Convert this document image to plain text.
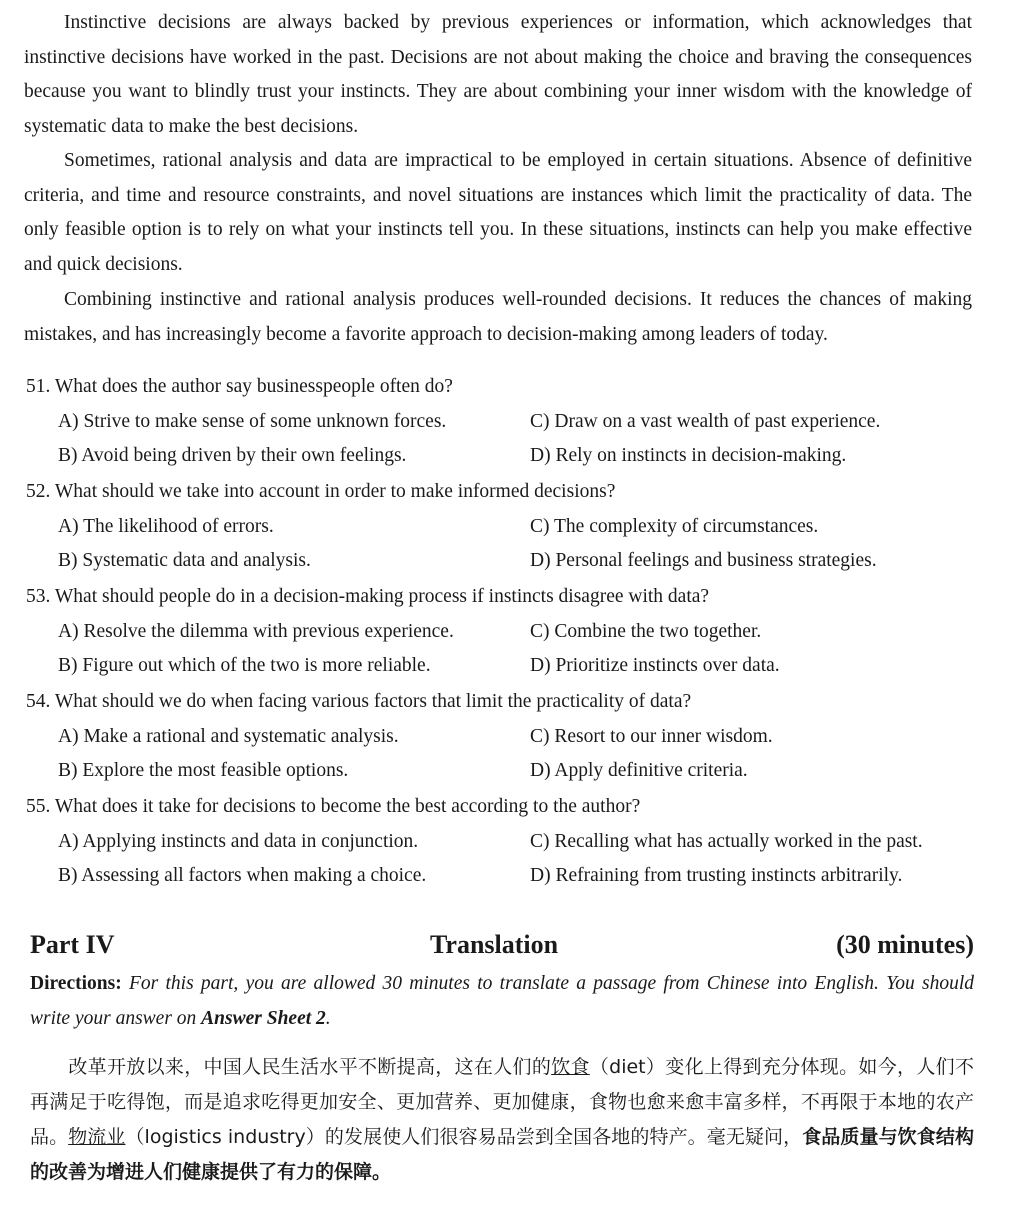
Instinctive decisions are always backed by previous experiences or information, which acknowledges that instinctive decisions have worked in the past. Decisions are not about making the choice and braving the consequences because you want to blindly trust your instincts. They are about combining your inner wisdom with the knowledge of systematic data to make the best decisions.

Sometimes, rational analysis and data are impractical to be employed in certain situations. Absence of definitive criteria, and time and resource constraints, and novel situations are instances which limit the practicality of data. The only feasible option is to rely on what your instincts tell you. In these situations, instincts can help you make effective and quick decisions.

Combining instinctive and rational analysis produces well-rounded decisions. It reduces the chances of making mistakes, and has increasingly become a favorite approach to decision-making among leaders of today.

51. What does the author say businesspeople often do?
A) Strive to make sense of some unknown forces.	C) Draw on a vast wealth of past experience.
B) Avoid being driven by their own feelings.	D) Rely on instincts in decision-making.
52. What should we take into account in order to make informed decisions?
A) The likelihood of errors.	C) The complexity of circumstances.
B) Systematic data and analysis.	D) Personal feelings and business strategies.
53. What should people do in a decision-making process if instincts disagree with data?
A) Resolve the dilemma with previous experience.	C) Combine the two together.
B) Figure out which of the two is more reliable.	D) Prioritize instincts over data.
54. What should we do when facing various factors that limit the practicality of data?
A) Make a rational and systematic analysis.	C) Resort to our inner wisdom.
B) Explore the most feasible options.	D) Apply definitive criteria.
55. What does it take for decisions to become the best according to the author?
A) Applying instincts and data in conjunction.	C) Recalling what has actually worked in the past.
B) Assessing all factors when making a choice.	D) Refraining from trusting instincts arbitrarily.
Part IV	Translation	(30 minutes)

Directions: For this part, you are allowed 30 minutes to translate a passage from Chinese into English. You should write your answer on Answer Sheet 2.

改革开放以来，中国人民生活水平不断提高，这在人们的饮食（diet）变化上得到充分体现。如今，人们不再满足于吃得饱，而是追求吃得更加安全、更加营养、更加健康，食物也愈来愈丰富多样，不再限于本地的农产品。物流业（logistics industry）的发展使人们很容易品尝到全国各地的特产。毫无疑问，食品质量与饮食结构的改善为增进人们健康提供了有力的保障。
